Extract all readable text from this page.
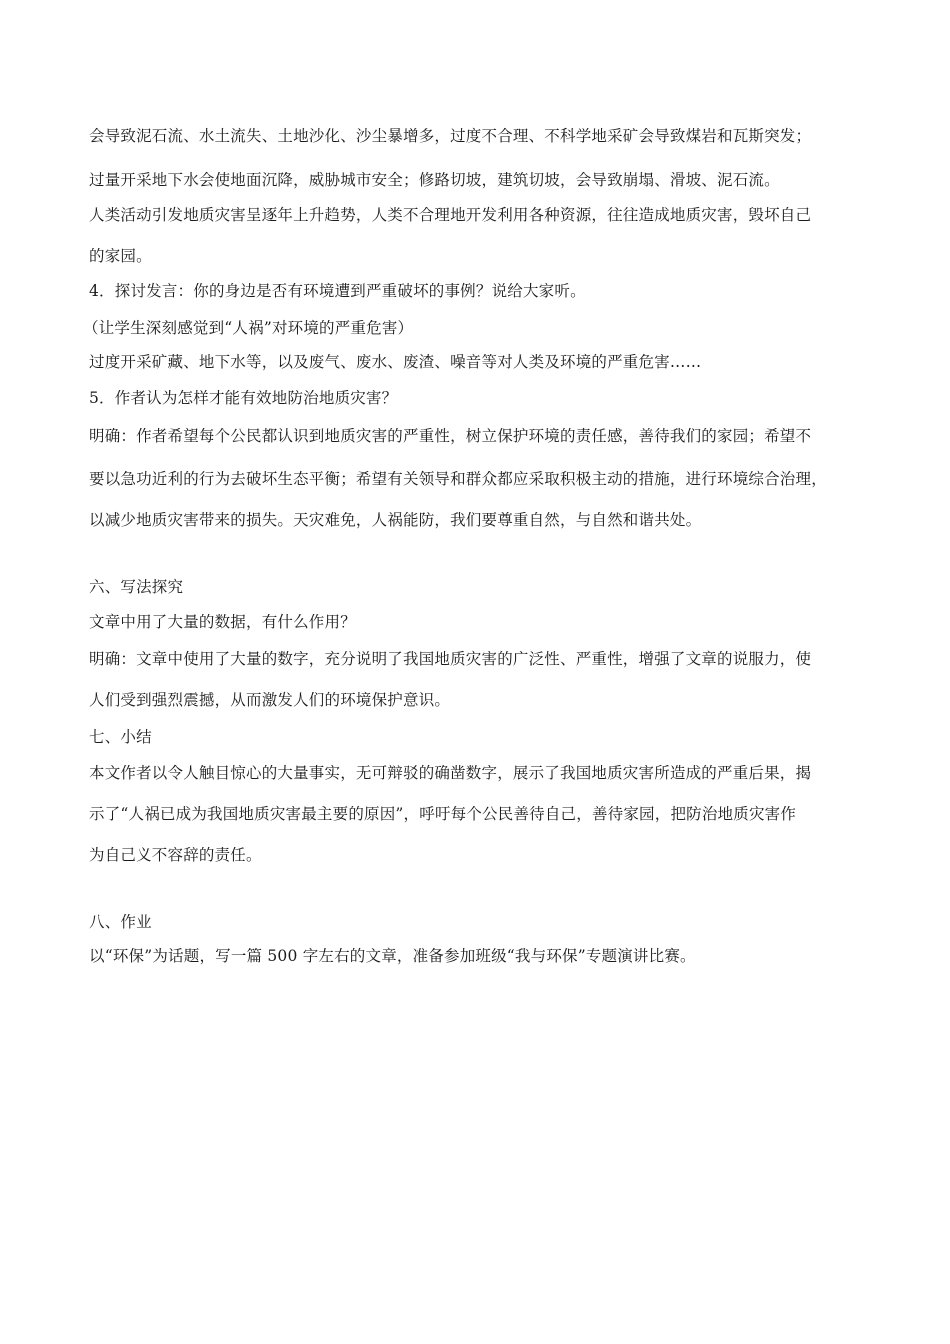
会导致泥石流、水土流失、土地沙化、沙尘暴增多，过度不合理、不科学地采矿会导致煤岩和瓦斯突发；
过量开采地下水会使地面沉降，威胁城市安全；修路切坡，建筑切坡，会导致崩塌、滑坡、泥石流。
人类活动引发地质灾害呈逐年上升趋势，人类不合理地开发利用各种资源，往往造成地质灾害，毁坏自己
的家园。
4．探讨发言：你的身边是否有环境遭到严重破坏的事例？说给大家听。
（让学生深刻感觉到“人祸”对环境的严重危害）
过度开采矿藏、地下水等，以及废气、废水、废渣、噪音等对人类及环境的严重危害……
5．作者认为怎样才能有效地防治地质灾害？
明确：作者希望每个公民都认识到地质灾害的严重性，树立保护环境的责任感，善待我们的家园；希望不
要以急功近利的行为去破坏生态平衡；希望有关领导和群众都应采取积极主动的措施，进行环境综合治理，
以减少地质灾害带来的损失。天灾难免，人祸能防，我们要尊重自然，与自然和谐共处。
六、写法探究
文章中用了大量的数据，有什么作用？
明确：文章中使用了大量的数字，充分说明了我国地质灾害的广泛性、严重性，增强了文章的说服力，使
人们受到强烈震撼，从而激发人们的环境保护意识。
七、小结
本文作者以令人触目惊心的大量事实，无可辩驳的确凿数字，展示了我国地质灾害所造成的严重后果，揭
示了“人祸已成为我国地质灾害最主要的原因”，呼吁每个公民善待自己，善待家园，把防治地质灾害作
为自己义不容辞的责任。
八、作业
以“环保”为话题，写一篇 500 字左右的文章，准备参加班级“我与环保”专题演讲比赛。
